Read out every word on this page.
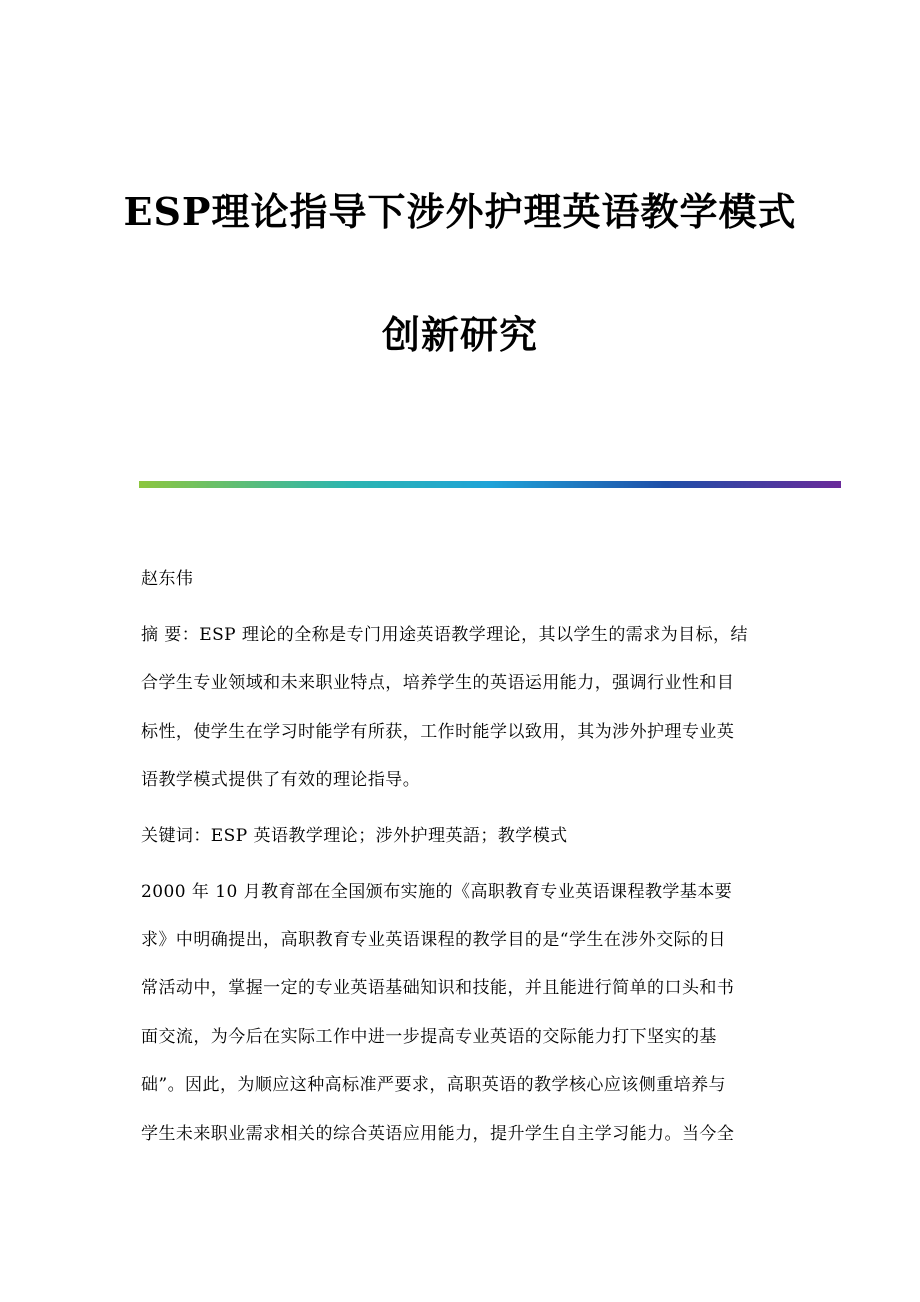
ESP理论指导下涉外护理英语教学模式
创新研究
赵东伟
摘 要：ESP 理论的全称是专门用途英语教学理论，其以学生的需求为目标，结
合学生专业领域和未来职业特点，培养学生的英语运用能力，强调行业性和目
标性，使学生在学习时能学有所获，工作时能学以致用，其为涉外护理专业英
语教学模式提供了有效的理论指导。
关键词：ESP 英语教学理论；涉外护理英語；教学模式
2000 年 10 月教育部在全国颁布实施的《高职教育专业英语课程教学基本要
求》中明确提出，高职教育专业英语课程的教学目的是“学生在涉外交际的日
常活动中，掌握一定的专业英语基础知识和技能，并且能进行简单的口头和书
面交流，为今后在实际工作中进一步提高专业英语的交际能力打下坚实的基
础”。因此，为顺应这种高标准严要求，高职英语的教学核心应该侧重培养与
学生未来职业需求相关的综合英语应用能力，提升学生自主学习能力。当今全
